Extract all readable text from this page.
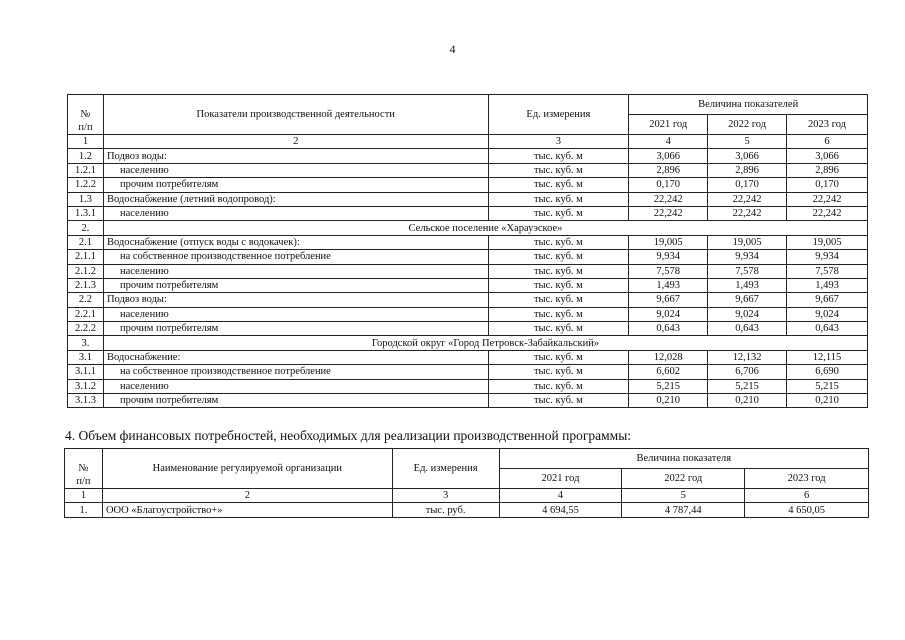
4

№
п/п	Показатели производственной деятельности	Ед. измерения	Величина показателей		
			2021 год	2022 год	2023 год
1	2	3	4	5	6
1.2	Подвоз воды:	тыс. куб. м	3,066	3,066	3,066
1.2.1	населению	тыс. куб. м	2,896	2,896	2,896
1.2.2	прочим потребителям	тыс. куб. м	0,170	0,170	0,170
1.3	Водоснабжение (летний водопровод):	тыс. куб. м	22,242	22,242	22,242
1.3.1	населению	тыс. куб. м	22,242	22,242	22,242
2.	Сельское поселение «Харауэское»				
2.1	Водоснабжение (отпуск воды с водокачек):	тыс. куб. м	19,005	19,005	19,005
2.1.1	на собственное производственное потребление	тыс. куб. м	9,934	9,934	9,934
2.1.2	населению	тыс. куб. м	7,578	7,578	7,578
2.1.3	прочим потребителям	тыс. куб. м	1,493	1,493	1,493
2.2	Подвоз воды:	тыс. куб. м	9,667	9,667	9,667
2.2.1	населению	тыс. куб. м	9,024	9,024	9,024
2.2.2	прочим потребителям	тыс. куб. м	0,643	0,643	0,643
3.	Городской округ «Город Петровск-Забайкальский»				
3.1	Водоснабжение:	тыс. куб. м	12,028	12,132	12,115
3.1.1	на собственное производственное потребление	тыс. куб. м	6,602	6,706	6,690
3.1.2	населению	тыс. куб. м	5,215	5,215	5,215
3.1.3	прочим потребителям	тыс. куб. м	0,210	0,210	0,210
4. Объем финансовых потребностей, необходимых для реализации производственной программы:

№
п/п	Наименование регулируемой организации	Ед. измерения	Величина показателя		
			2021 год	2022 год	2023 год
1	2	3	4	5	6
1.	ООО «Благоустройство+»	тыс. руб.	4 694,55	4 787,44	4 650,05
